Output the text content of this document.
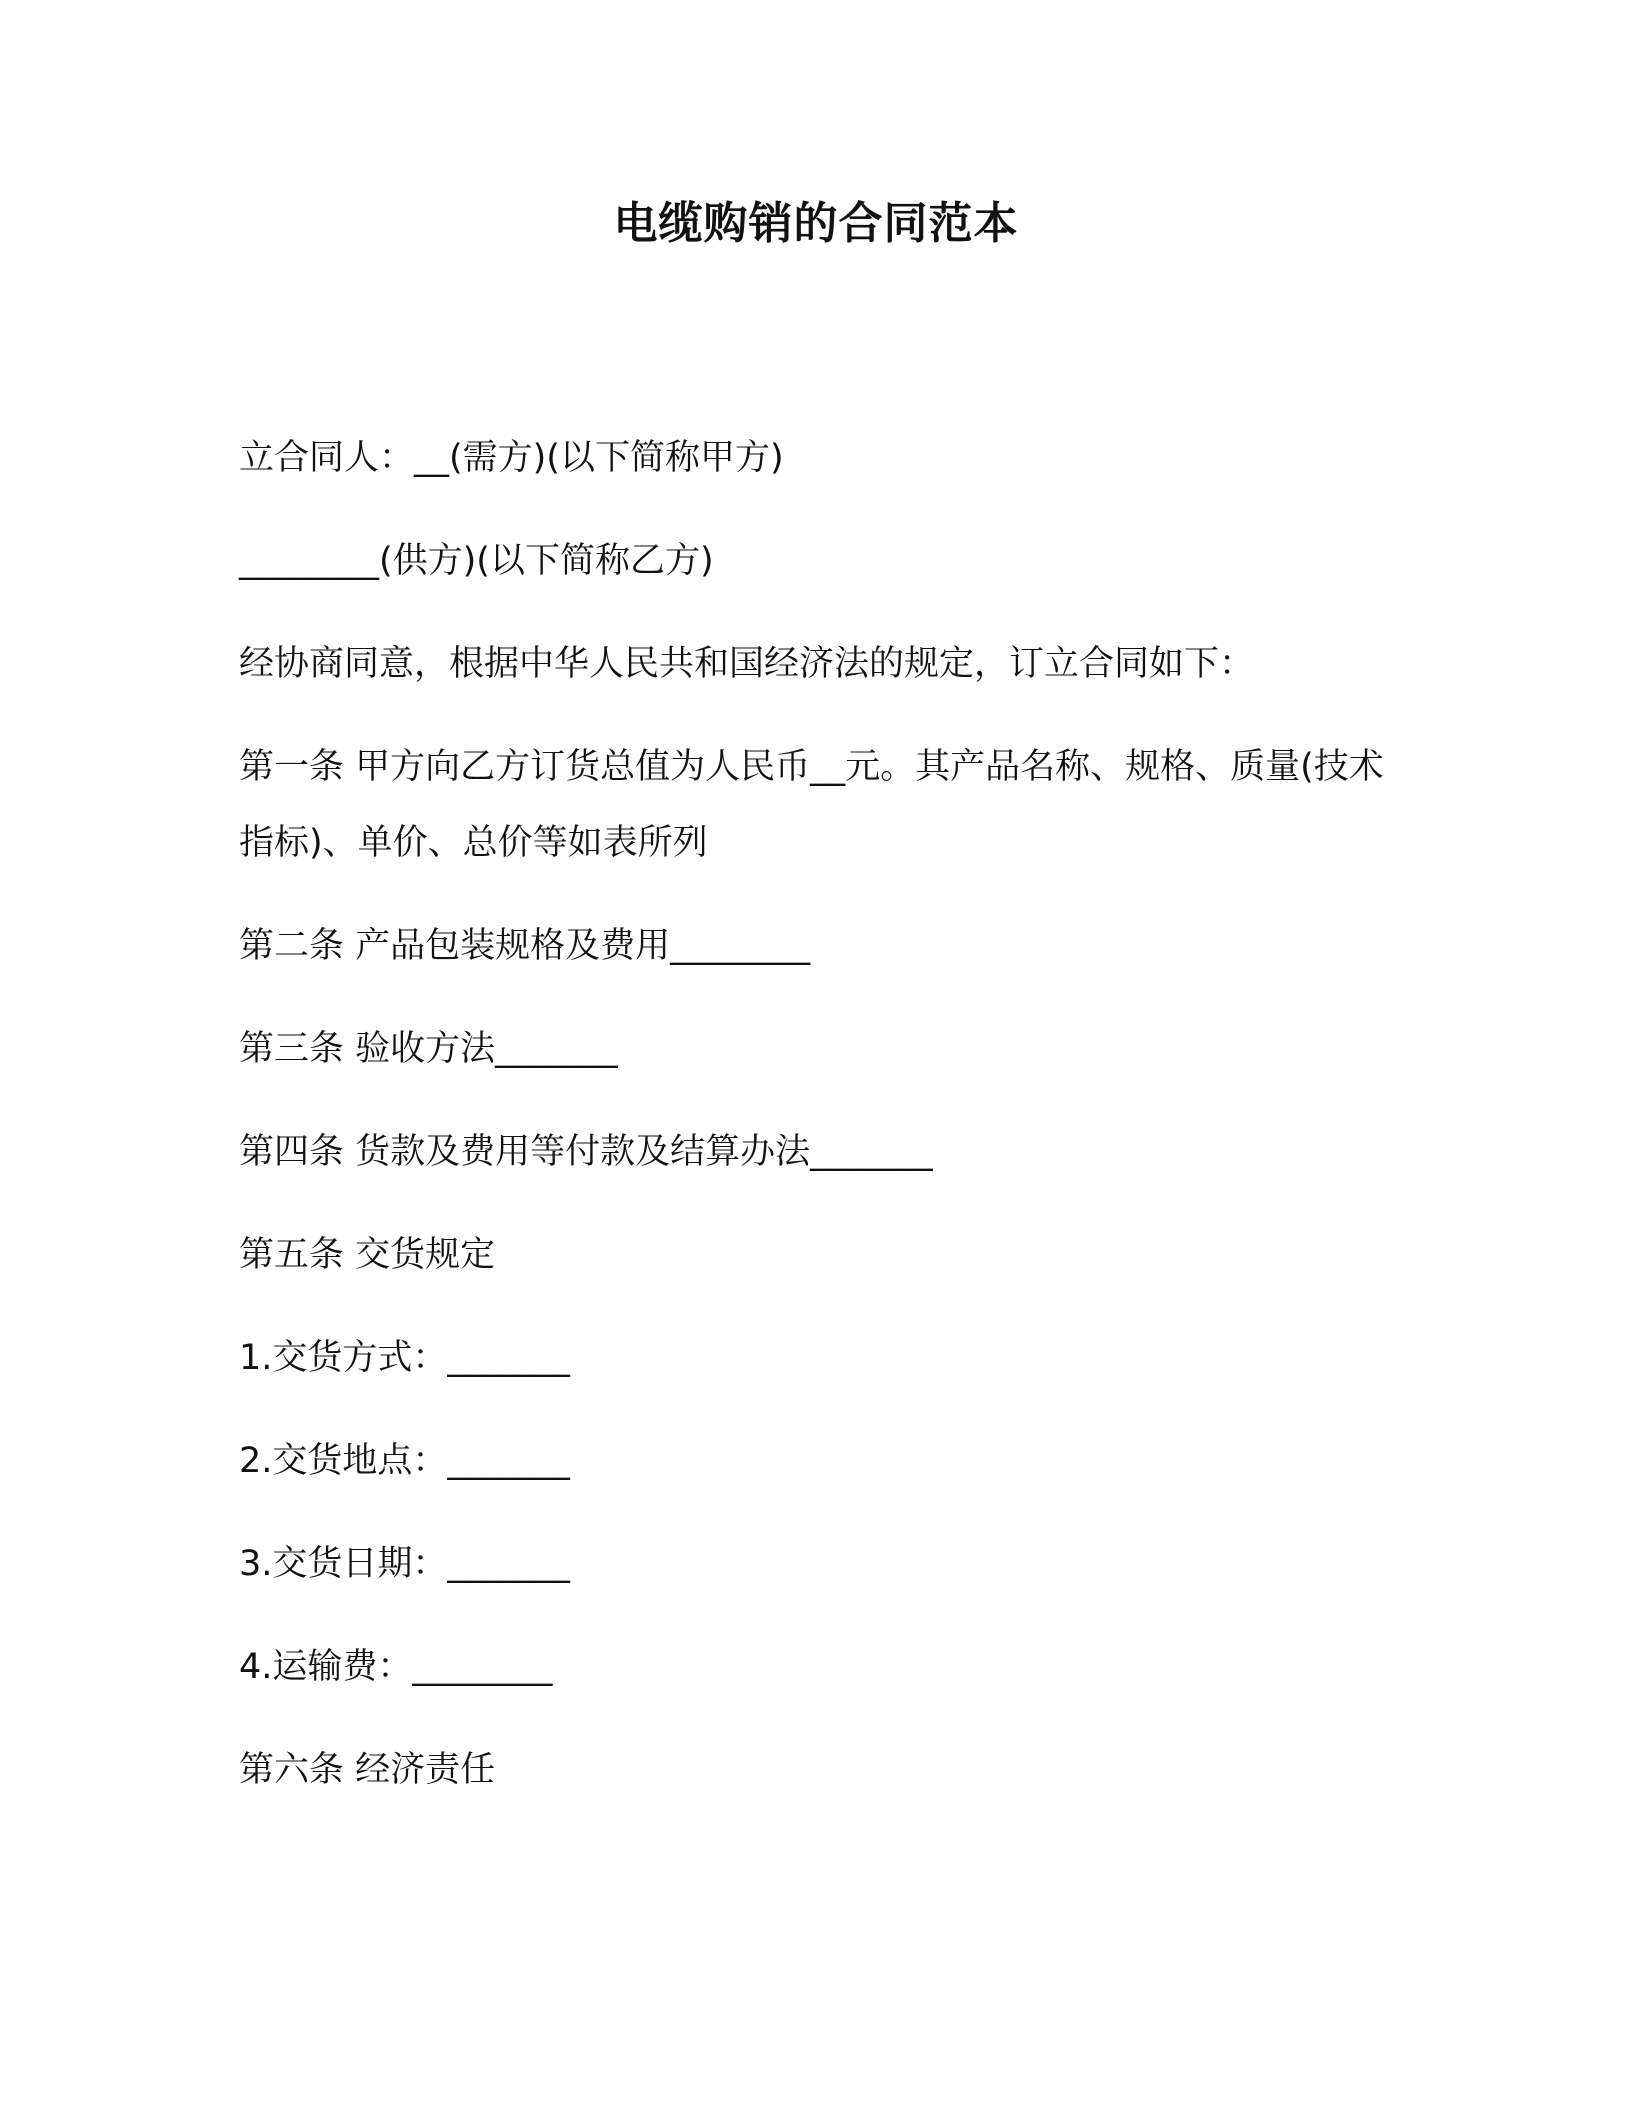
电缆购销的合同范本

立合同人：__(需方)(以下简称甲方)

________(供方)(以下简称乙方)

经协商同意，根据中华人民共和国经济法的规定，订立合同如下：

第一条 甲方向乙方订货总值为人民币__元。其产品名称、规格、质量(技术指标)、单价、总价等如表所列

第二条 产品包装规格及费用________

第三条 验收方法_______

第四条 货款及费用等付款及结算办法_______

第五条 交货规定

1.交货方式：_______

2.交货地点：_______

3.交货日期：_______

4.运输费：________

第六条 经济责任
